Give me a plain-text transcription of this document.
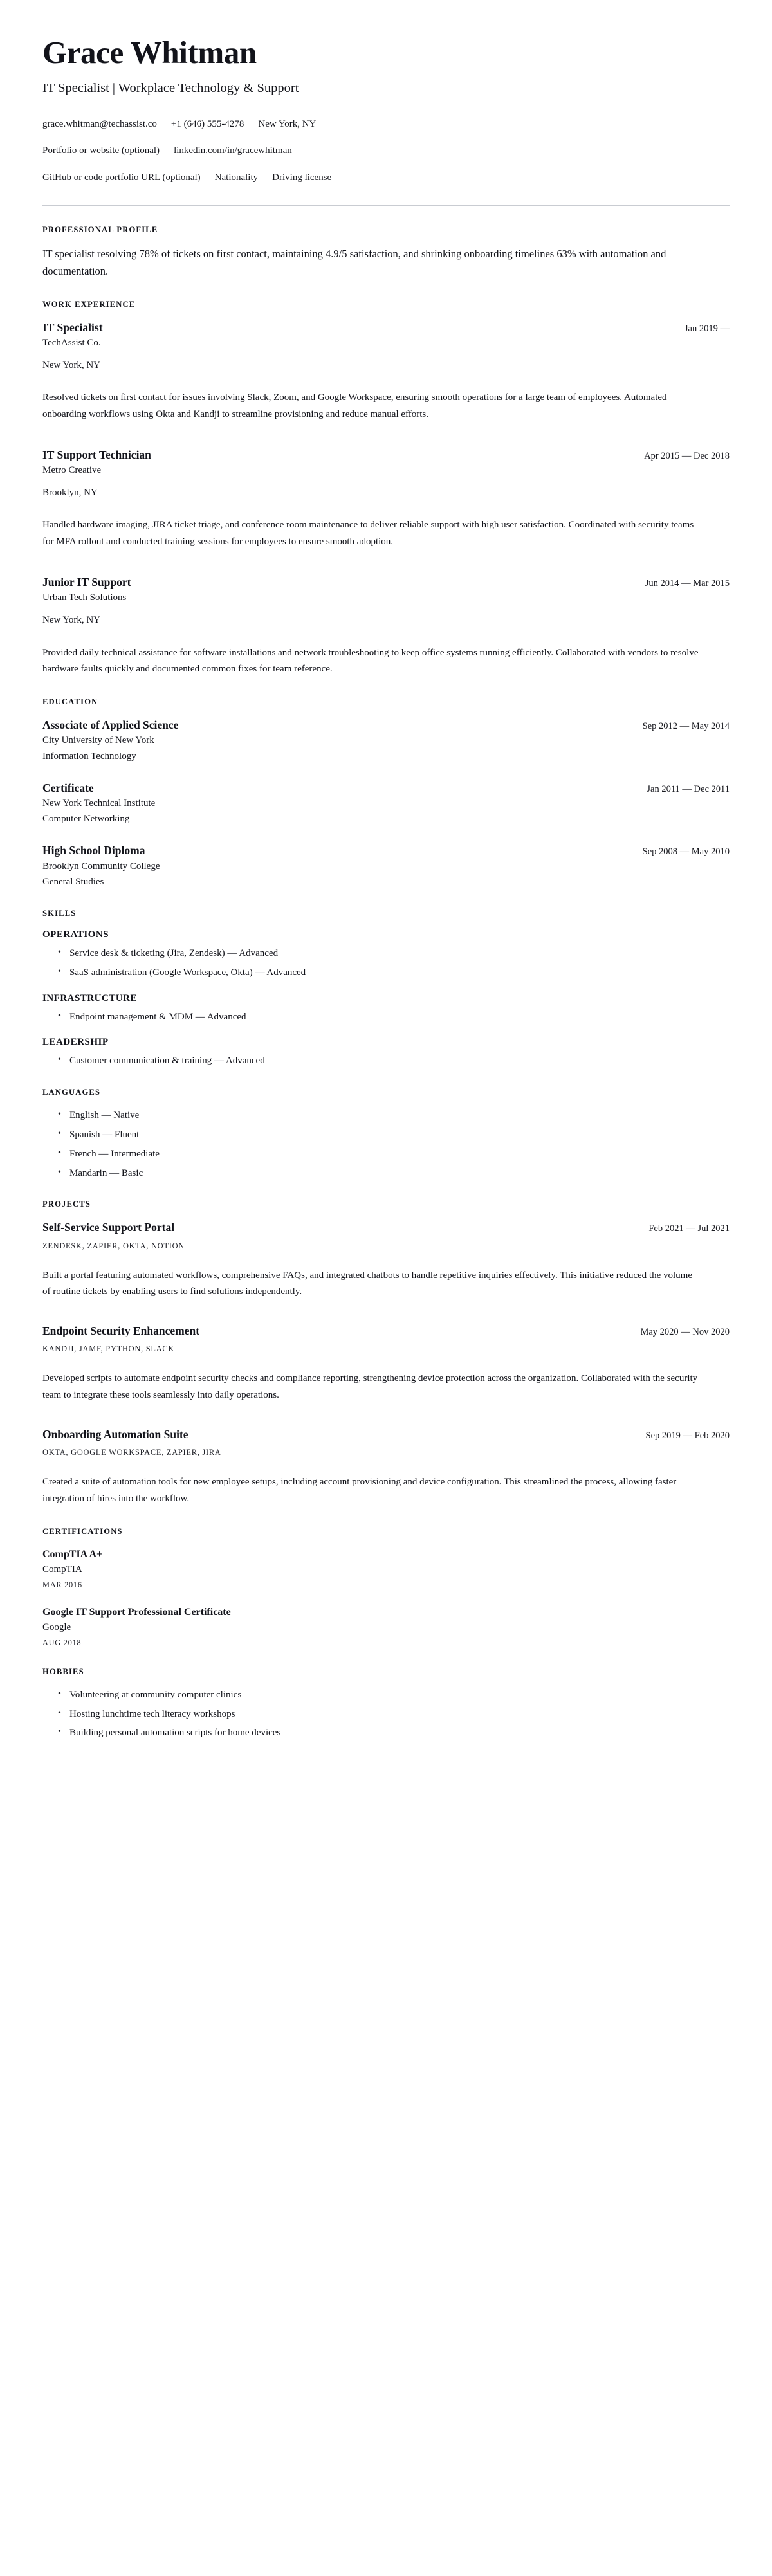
Grace Whitman
IT Specialist | Workplace Technology & Support
grace.whitman@techassist.co +1 (646) 555-4278 New York, NY
Portfolio or website (optional) linkedin.com/in/gracewhitman
GitHub or code portfolio URL (optional) Nationality Driving license
PROFESSIONAL PROFILE

IT specialist resolving 78% of tickets on first contact, maintaining 4.9/5 satisfaction, and shrinking onboarding timelines 63% with automation and documentation.

WORK EXPERIENCE
IT Specialist	Jan 2019 —

TechAssist Co.

New York, NY

Resolved tickets on first contact for issues involving Slack, Zoom, and Google Workspace, ensuring smooth operations for a large team of employees. Automated onboarding workflows using Okta and Kandji to streamline provisioning and reduce manual efforts.

IT Support Technician	Apr 2015 — Dec 2018

Metro Creative

Brooklyn, NY

Handled hardware imaging, JIRA ticket triage, and conference room maintenance to deliver reliable support with high user satisfaction. Coordinated with security teams for MFA rollout and conducted training sessions for employees to ensure smooth adoption.

Junior IT Support	Jun 2014 — Mar 2015

Urban Tech Solutions

New York, NY

Provided daily technical assistance for software installations and network troubleshooting to keep office systems running efficiently. Collaborated with vendors to resolve hardware faults quickly and documented common fixes for team reference.

EDUCATION
Associate of Applied Science	Sep 2012 — May 2014

City University of New York

Information Technology

Certificate	Jan 2011 — Dec 2011

New York Technical Institute

Computer Networking

High School Diploma	Sep 2008 — May 2010

Brooklyn Community College

General Studies

SKILLS
OPERATIONS
• Service desk & ticketing (Jira, Zendesk) — Advanced
• SaaS administration (Google Workspace, Okta) — Advanced
INFRASTRUCTURE
• Endpoint management & MDM — Advanced
LEADERSHIP
• Customer communication & training — Advanced
LANGUAGES
• English — Native
• Spanish — Fluent
• French — Intermediate
• Mandarin — Basic
PROJECTS
Self-Service Support Portal	Feb 2021 — Jul 2021

ZENDESK, ZAPIER, OKTA, NOTION

Built a portal featuring automated workflows, comprehensive FAQs, and integrated chatbots to handle repetitive inquiries effectively. This initiative reduced the volume of routine tickets by enabling users to find solutions independently.

Endpoint Security Enhancement	May 2020 — Nov 2020

KANDJI, JAMF, PYTHON, SLACK

Developed scripts to automate endpoint security checks and compliance reporting, strengthening device protection across the organization. Collaborated with the security team to integrate these tools seamlessly into daily operations.

Onboarding Automation Suite	Sep 2019 — Feb 2020

OKTA, GOOGLE WORKSPACE, ZAPIER, JIRA

Created a suite of automation tools for new employee setups, including account provisioning and device configuration. This streamlined the process, allowing faster integration of hires into the workflow.

CERTIFICATIONS
CompTIA A+

CompTIA

MAR 2016

Google IT Support Professional Certificate

Google

AUG 2018

HOBBIES
• Volunteering at community computer clinics
• Hosting lunchtime tech literacy workshops
• Building personal automation scripts for home devices
